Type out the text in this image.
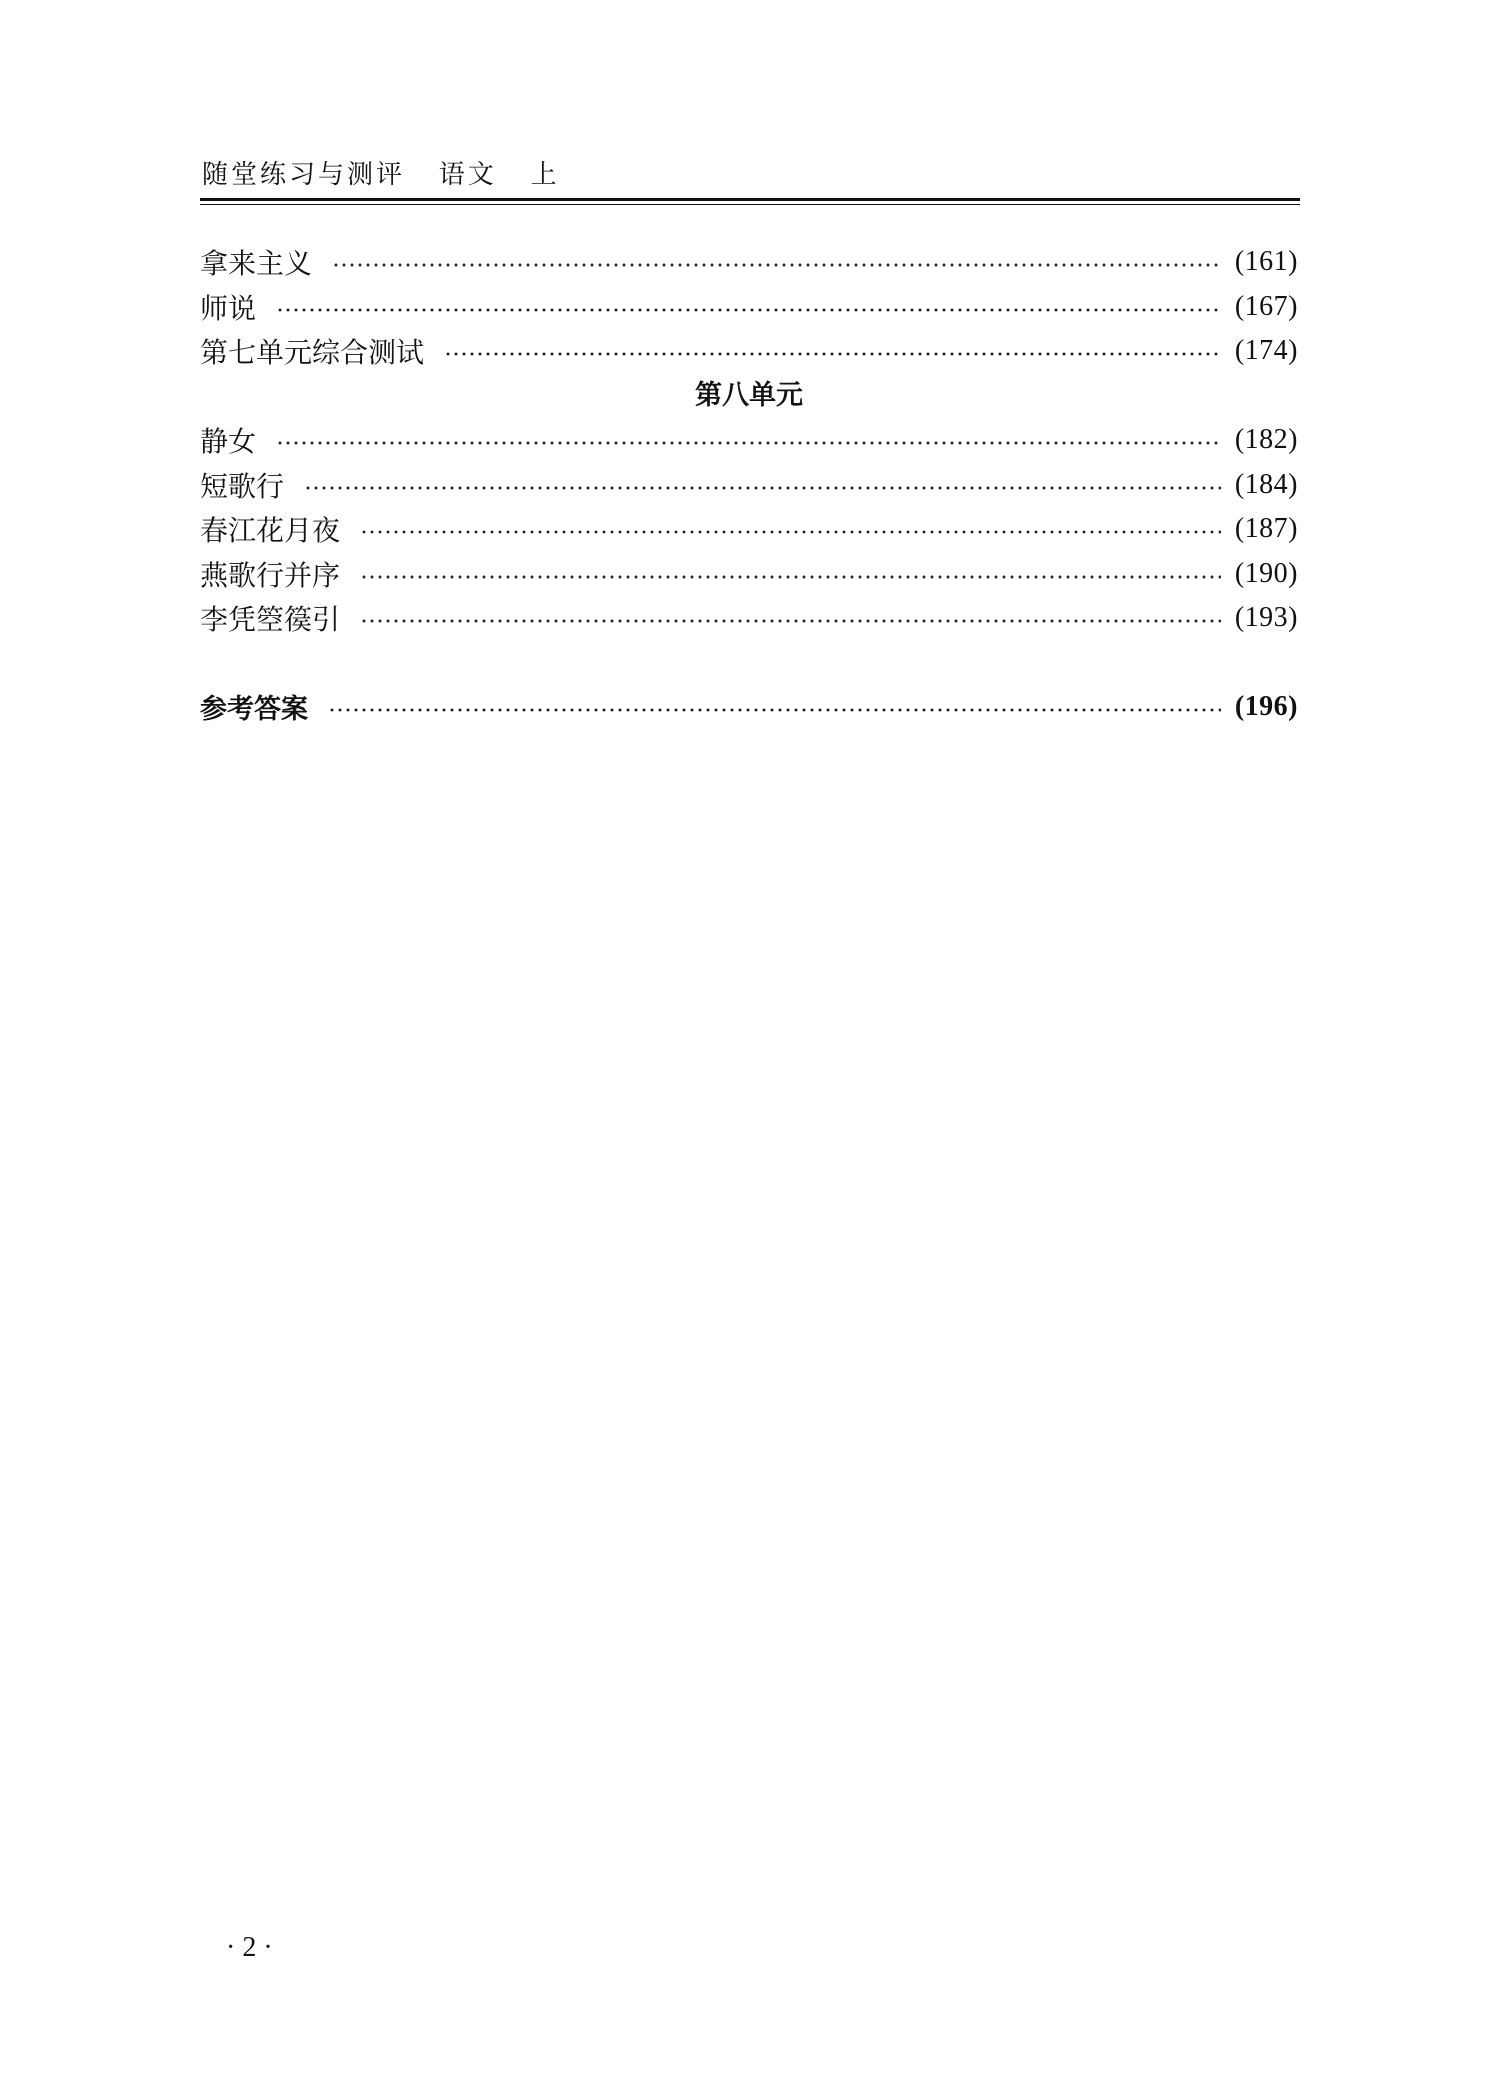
随堂练习与测评   语文   上
拿来主义	(161)
师说	(167)
第七单元综合测试	(174)
第八单元
静女	(182)
短歌行	(184)
春江花月夜	(187)
燕歌行并序	(190)
李凭箜篌引	(193)
参考答案	(196)
· 2 ·
